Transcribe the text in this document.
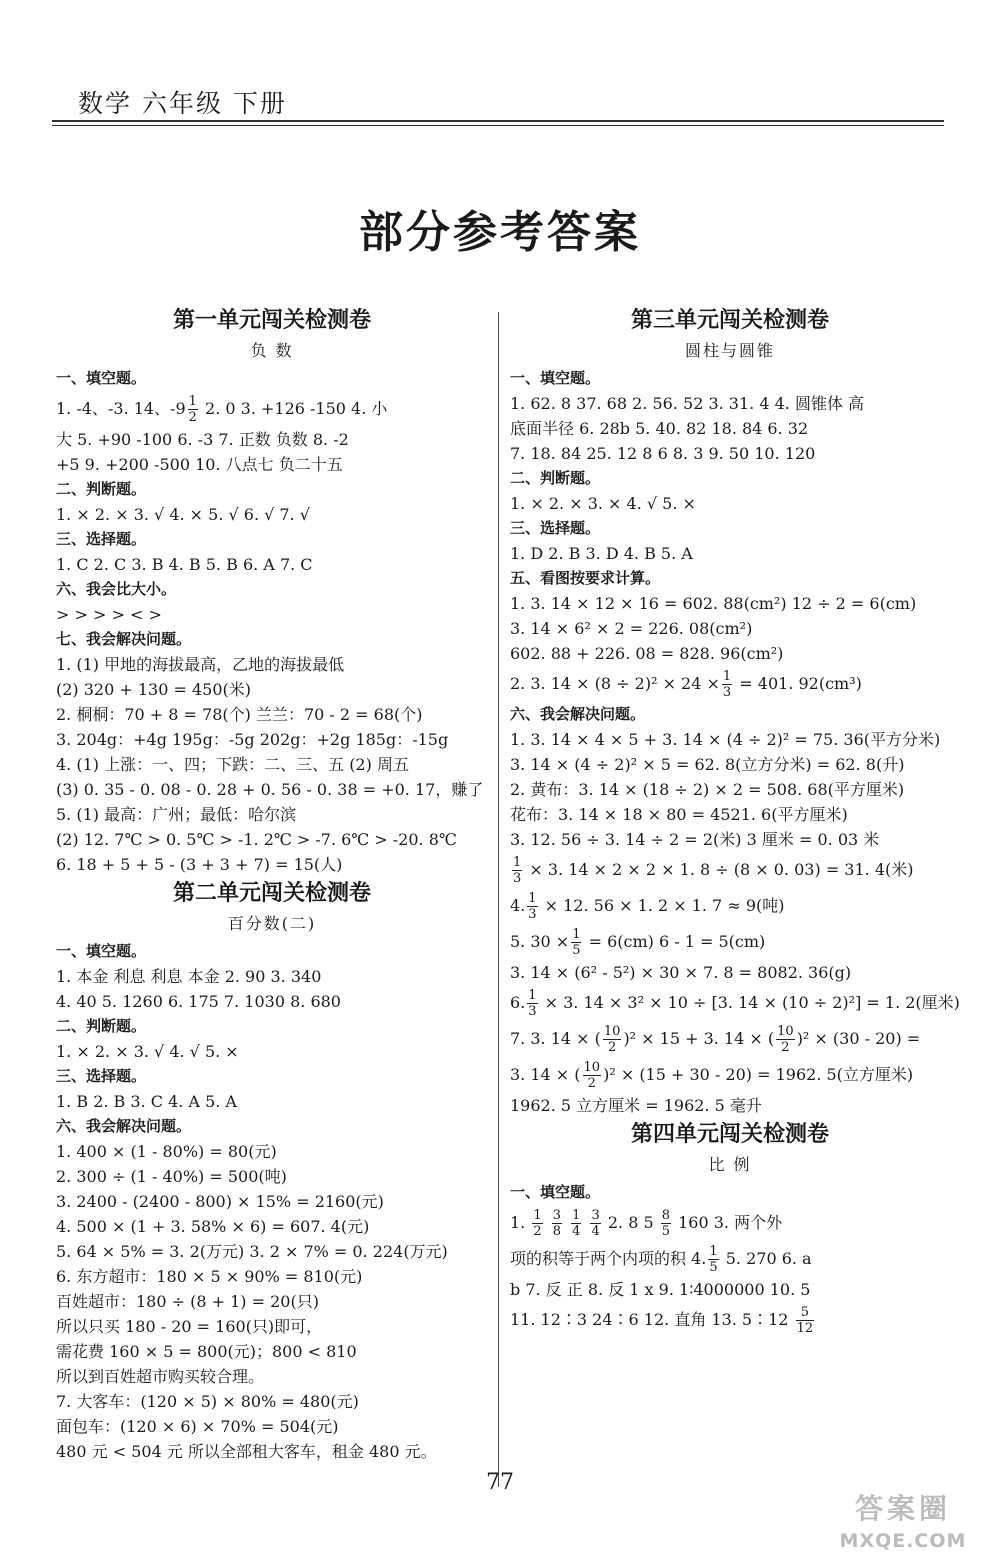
数学 六年级 下册
部分参考答案
第一单元闯关检测卷
负 数
一、填空题。
1. -4、-3. 14、$-9 \frac{1}{2} 2$. 0 3. +126 -150 4. 小
大 5. +90 -100 6. -3 7. 正数 负数 8. -2
+5 9. +200 -500 10. 八点七 负二十五
二、判断题。
1. × 2. × 3. √ 4. × 5. √ 6. √ 7. √
三、选择题。
1. C 2. C 3. B 4. B 5. B 6. A 7. C
六、我会比大小。
> > > > < >
七、我会解决问题。
1. (1) 甲地的海拔最高，乙地的海拔最低
(2) 320 + 130 = 450(米)
2. 桐桐：70 + 8 = 78(个) 兰兰：70 - 2 = 68(个)
3. 204g：+4g 195g：-5g 202g：+2g 185g：-15g
4. (1) 上涨：一、四；下跌：二、三、五 (2) 周五
(3) 0. 35 - 0. 08 - 0. 28 + 0. 56 - 0. 38 = +0. 17，赚了
5. (1) 最高：广州；最低：哈尔滨
(2) 12. 7℃ > 0. 5℃ > -1. 2℃ > -7. 6℃ > -20. 8℃
6. 18 + 5 + 5 - (3 + 3 + 7) = 15(人)
第二单元闯关检测卷
百分数(二)
一、填空题。
1. 本金 利息 利息 本金 2. 90 3. 340
4. 40 5. 1260 6. 175 7. 1030 8. 680
二、判断题。
1. × 2. × 3. √ 4. √ 5. ×
三、选择题。
1. B 2. B 3. C 4. A 5. A
六、我会解决问题。
1. 400 × (1 - 80%) = 80(元)
2. 300 ÷ (1 - 40%) = 500(吨)
3. 2400 - (2400 - 800) × 15% = 2160(元)
4. 500 × (1 + 3. 58% × 6) = 607. 4(元)
5. 64 × 5% = 3. 2(万元) 3. 2 × 7% = 0. 224(万元)
6. 东方超市：180 × 5 × 90% = 810(元)
百姓超市：180 ÷ (8 + 1) = 20(只)
所以只买 180 - 20 = 160(只)即可，
需花费 160 × 5 = 800(元)；800 < 810
所以到百姓超市购买较合理。
7. 大客车：(120 × 5) × 80% = 480(元)
面包车：(120 × 6) × 70% = 504(元)
480 元 < 504 元 所以全部租大客车，租金 480 元。
第三单元闯关检测卷
圆柱与圆锥
一、填空题。
1. 62. 8 37. 68 2. 56. 52 3. 31. 4 4. 圆锥体 高
底面半径 6. 28b 5. 40. 82 18. 84 6. 32
7. 18. 84 25. 12 8 6 8. 3 9. 50 10. 120
二、判断题。
1. × 2. × 3. × 4. √ 5. ×
三、选择题。
1. D 2. B 3. D 4. B 5. A
五、看图按要求计算。
1. 3. 14 × 12 × 16 = 602. 88(cm²) 12 ÷ 2 = 6(cm)
3. 14 × 6² × 2 = 226. 08(cm²)
602. 88 + 226. 08 = 828. 96(cm²)
2. 3. $14 \times (8 \div 2)^2 \times 24 \times \frac{1}{3} = 401$. 92(cm³)
六、我会解决问题。
1. 3. 14 × 4 × 5 + 3. 14 × (4 ÷ 2)² = 75. 36(平方分米)
3. 14 × (4 ÷ 2)² × 5 = 62. 8(立方分米) = 62. 8(升)
2. 黄布：3. 14 × (18 ÷ 2) × 2 = 508. 68(平方厘米)
花布：3. 14 × 18 × 80 = 4521. 6(平方厘米)
3. 12. 56 ÷ 3. 14 ÷ 2 = 2(米) 3 厘米 = 0. 03 米
$\frac{1}{3} \times 3$. 14 × 2 × 2 × 1. 8 ÷ (8 × 0. 03) = 31. 4(米)
4. $\frac{1}{3} \times 12$. 56 × 1. 2 × 1. 7 ≈ 9(吨)
5. $30 \times \frac{1}{5} = 6(cm)$ 6 - 1 = 5(cm)
3. 14 × (6² - 5²) × 30 × 7. 8 = 8082. 36(g)
6. $\frac{1}{3} \times 3$. 14 × 3² × 10 ÷ [3. 14 × (10 ÷ 2)²] = 1. 2(厘米)
7. 3. 14 × ( $\frac{10}{2} )^2 \times 15 + 3$. 14 × ( $\frac{10}{2} )^2 \times (30 - 20)$ =
3. 14 × ( $\frac{10}{2} )^2 \times (15 + 30 - 20) = 1962$. 5(立方厘米)
1962. 5 立方厘米 = 1962. 5 毫升
第四单元闯关检测卷
比 例
一、填空题。
1. $\frac{1}{2}$
$\frac{3}{8}$
$\frac{1}{4}$
$\frac{3}{4} 2$. 8 $5 \frac{8}{5} 160$ 3. 两个外
项的积等于两个内项的积 4. $\frac{1}{5} 5$. 270 6. a
b 7. 反 正 8. 反 1 x 9. 1∶4000000 10. 5
11. 12∶3 24∶6 12. 直角 13. 5∶12 $\frac{5}{12}$
77
答案圈
MXQE.COM
